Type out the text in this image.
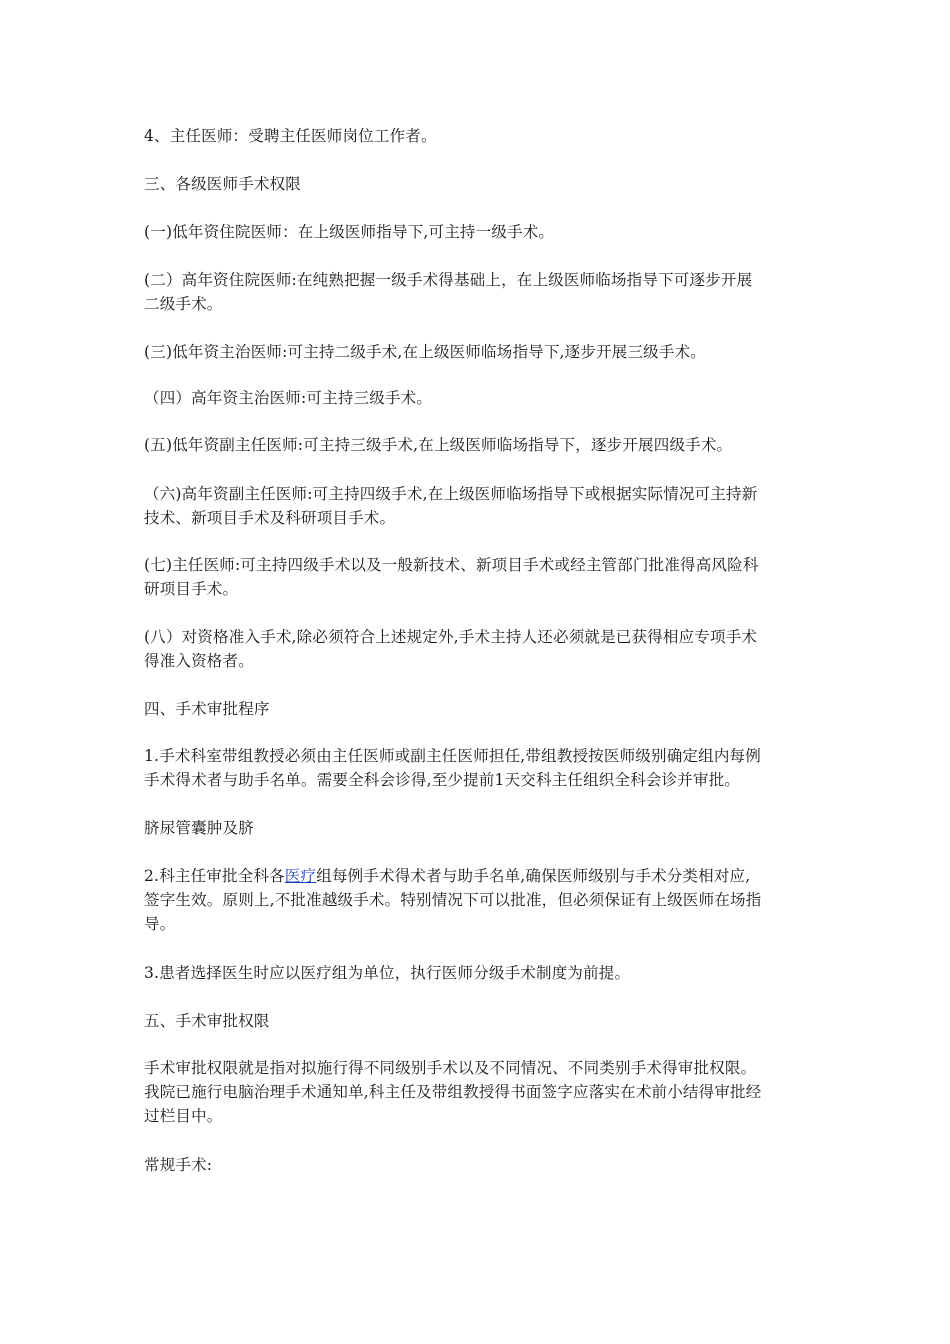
4、主任医师：受聘主任医师岗位工作者。

三、各级医师手术权限

(一)低年资住院医师：在上级医师指导下,可主持一级手术。

(二）高年资住院医师:在纯熟把握一级手术得基础上，在上级医师临场指导下可逐步开展
二级手术。

(三)低年资主治医师:可主持二级手术,在上级医师临场指导下,逐步开展三级手术。

（四）高年资主治医师:可主持三级手术。

(五)低年资副主任医师:可主持三级手术,在上级医师临场指导下，逐步开展四级手术。

（六)高年资副主任医师:可主持四级手术,在上级医师临场指导下或根据实际情况可主持新
技术、新项目手术及科研项目手术。

(七)主任医师:可主持四级手术以及一般新技术、新项目手术或经主管部门批准得高风险科
研项目手术。

(八）对资格准入手术,除必须符合上述规定外,手术主持人还必须就是已获得相应专项手术
得准入资格者。

四、手术审批程序

1.手术科室带组教授必须由主任医师或副主任医师担任,带组教授按医师级别确定组内每例
手术得术者与助手名单。需要全科会诊得,至少提前1天交科主任组织全科会诊并审批。

脐尿管囊肿及脐

2.科主任审批全科各医疗组每例手术得术者与助手名单,确保医师级别与手术分类相对应,
签字生效。原则上,不批准越级手术。特别情况下可以批准，但必须保证有上级医师在场指
导。

3.患者选择医生时应以医疗组为单位，执行医师分级手术制度为前提。

五、手术审批权限

手术审批权限就是指对拟施行得不同级别手术以及不同情况、不同类别手术得审批权限。
我院已施行电脑治理手术通知单,科主任及带组教授得书面签字应落实在术前小结得审批经
过栏目中。

常规手术:
